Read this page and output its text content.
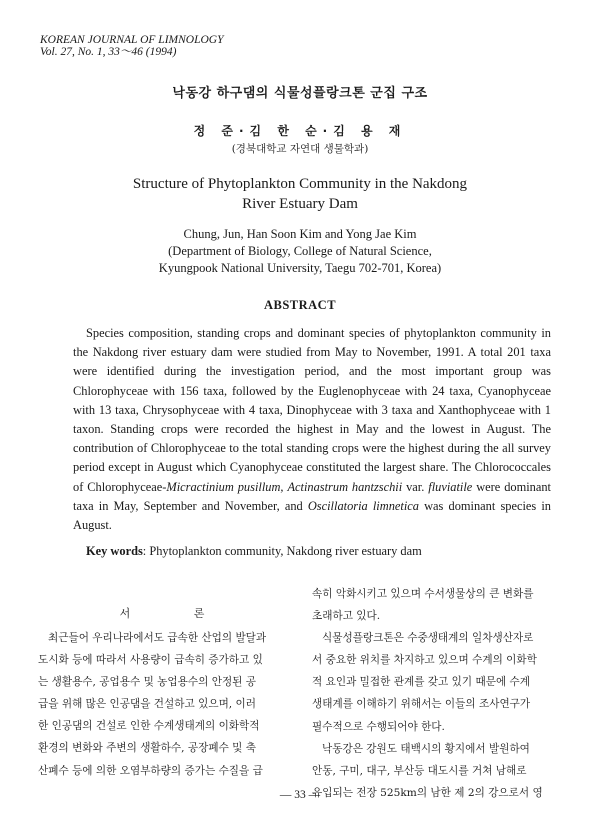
KOREAN JOURNAL OF LIMNOLOGY
Vol. 27, No. 1, 33～46 (1994)
낙동강 하구댐의 식물성플랑크톤 군집 구조
정 준·김 한 순·김 용 재
(경북대학교 자연대 생물학과)
Structure of Phytoplankton Community in the Nakdong
River Estuary Dam
Chung, Jun, Han Soon Kim and Yong Jae Kim
(Department of Biology, College of Natural Science,
Kyungpook National University, Taegu 702-701, Korea)
ABSTRACT

Species composition, standing crops and dominant species of phytoplankton community in the Nakdong river estuary dam were studied from May to November, 1991. A total 201 taxa were identified during the investigation period, and the most important group was Chlorophyceae with 156 taxa, followed by the Euglenophyceae with 24 taxa, Cyanophyceae with 13 taxa, Chrysophyceae with 4 taxa, Dinophyceae with 3 taxa and Xanthophyceae with 1 taxon. Standing crops were recorded the highest in May and the lowest in August. The contribution of Chlorophyceae to the total standing crops were the highest during the all survey period except in August which Cyanophyceae constituted the largest share. The Chlorococcales of Chlorophyceae-Micractinium pusillum, Actinastrum hantzschii var. fluviatile were dominant taxa in May, September and November, and Oscillatoria limnetica was dominant species in August.

Key words: Phytoplankton community, Nakdong river estuary dam
서 론
최근들어 우리나라에서도 급속한 산업의 발달과
도시화 등에 따라서 사용량이 급속히 증가하고 있
는 생활용수, 공업용수 및 농업용수의 안정된 공
급을 위해 많은 인공댐을 건설하고 있으며, 이러
한 인공댐의 건설로 인한 수계생태계의 이화학적
환경의 변화와 주변의 생활하수, 공장폐수 및 축
산폐수 등에 의한 오염부하량의 증가는 수질을 급
속히 악화시키고 있으며 수서생물상의 큰 변화를
초래하고 있다.
식물성플랑크톤은 수중생태계의 일차생산자로
서 중요한 위치를 차지하고 있으며 수계의 이화학
적 요인과 밀접한 관계를 갖고 있기 때문에 수계
생태계를 이해하기 위해서는 이들의 조사연구가
필수적으로 수행되어야 한다.
낙동강은 강원도 태백시의 황지에서 발원하여
안동, 구미, 대구, 부산등 대도시를 거쳐 남해로
유입되는 전장 525km의 남한 제 2의 강으로서 영
— 33 —
